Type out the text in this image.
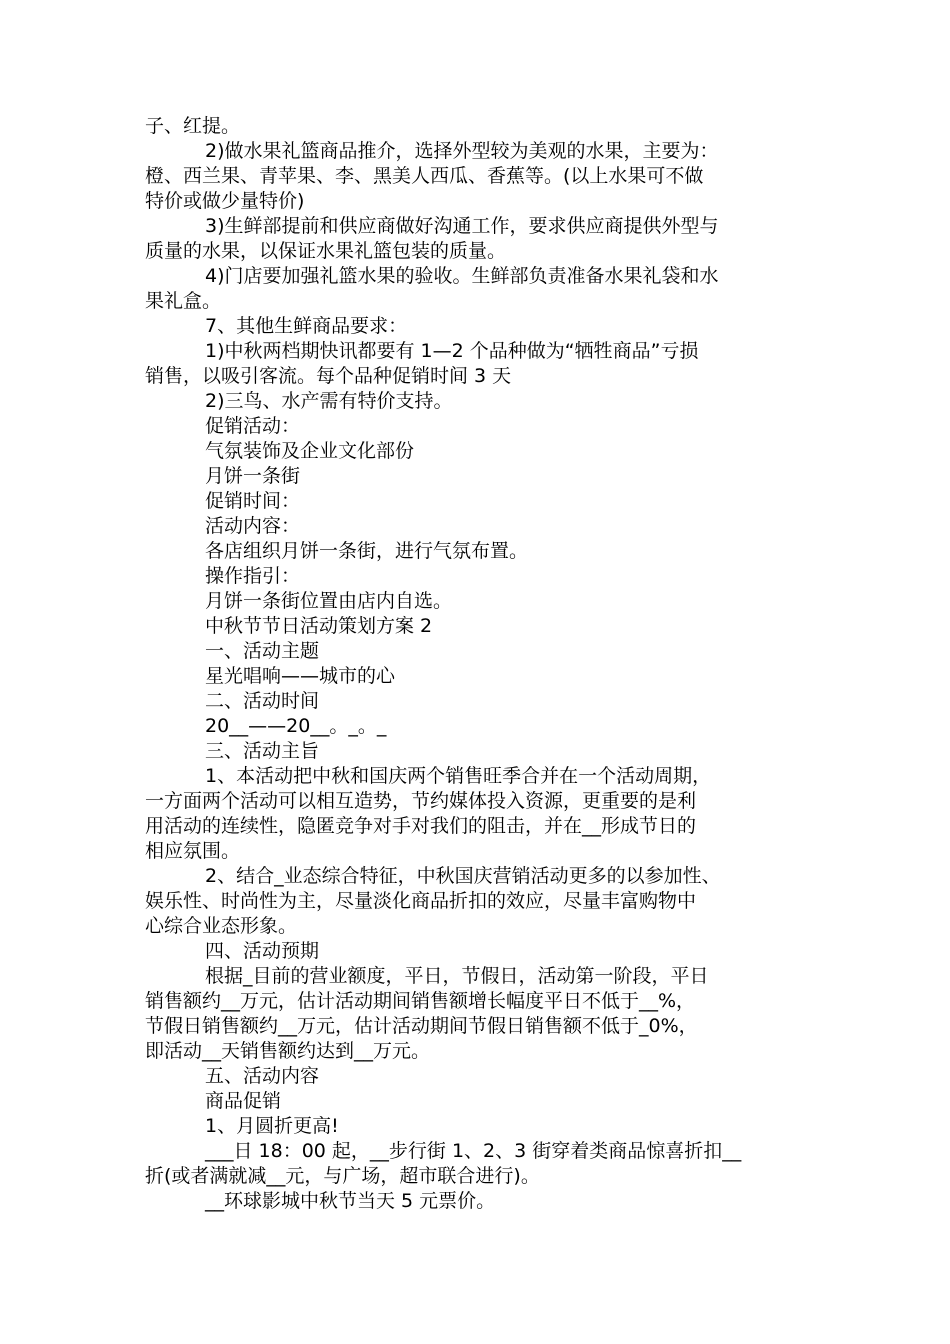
子、红提。
2)做水果礼篮商品推介，选择外型较为美观的水果，主要为：
橙、西兰果、青苹果、李、黑美人西瓜、香蕉等。(以上水果可不做
特价或做少量特价)
3)生鲜部提前和供应商做好沟通工作，要求供应商提供外型与
质量的水果，以保证水果礼篮包装的质量。
4)门店要加强礼篮水果的验收。生鲜部负责准备水果礼袋和水
果礼盒。
7、其他生鲜商品要求：
1)中秋两档期快讯都要有 1—2 个品种做为“牺牲商品”亏损
销售，以吸引客流。每个品种促销时间 3 天
2)三鸟、水产需有特价支持。
促销活动：
气氛装饰及企业文化部份
月饼一条街
促销时间：
活动内容：
各店组织月饼一条街，进行气氛布置。
操作指引：
月饼一条街位置由店内自选。
中秋节节日活动策划方案 2
一、活动主题
星光唱响——城市的心
二、活动时间
20__——20__。_。_
三、活动主旨
1、本活动把中秋和国庆两个销售旺季合并在一个活动周期，
一方面两个活动可以相互造势，节约媒体投入资源，更重要的是利
用活动的连续性，隐匿竞争对手对我们的阻击，并在__形成节日的
相应氛围。
2、结合_业态综合特征，中秋国庆营销活动更多的以参加性、
娱乐性、时尚性为主，尽量淡化商品折扣的效应，尽量丰富购物中
心综合业态形象。
四、活动预期
根据_目前的营业额度，平日，节假日，活动第一阶段，平日
销售额约__万元，估计活动期间销售额增长幅度平日不低于__%，
节假日销售额约__万元，估计活动期间节假日销售额不低于_0%，
即活动__天销售额约达到__万元。
五、活动内容
商品促销
1、月圆折更高!
___日 18：00 起，__步行街 1、2、3 街穿着类商品惊喜折扣__
折(或者满就减__元，与广场，超市联合进行)。
__环球影城中秋节当天 5 元票价。
